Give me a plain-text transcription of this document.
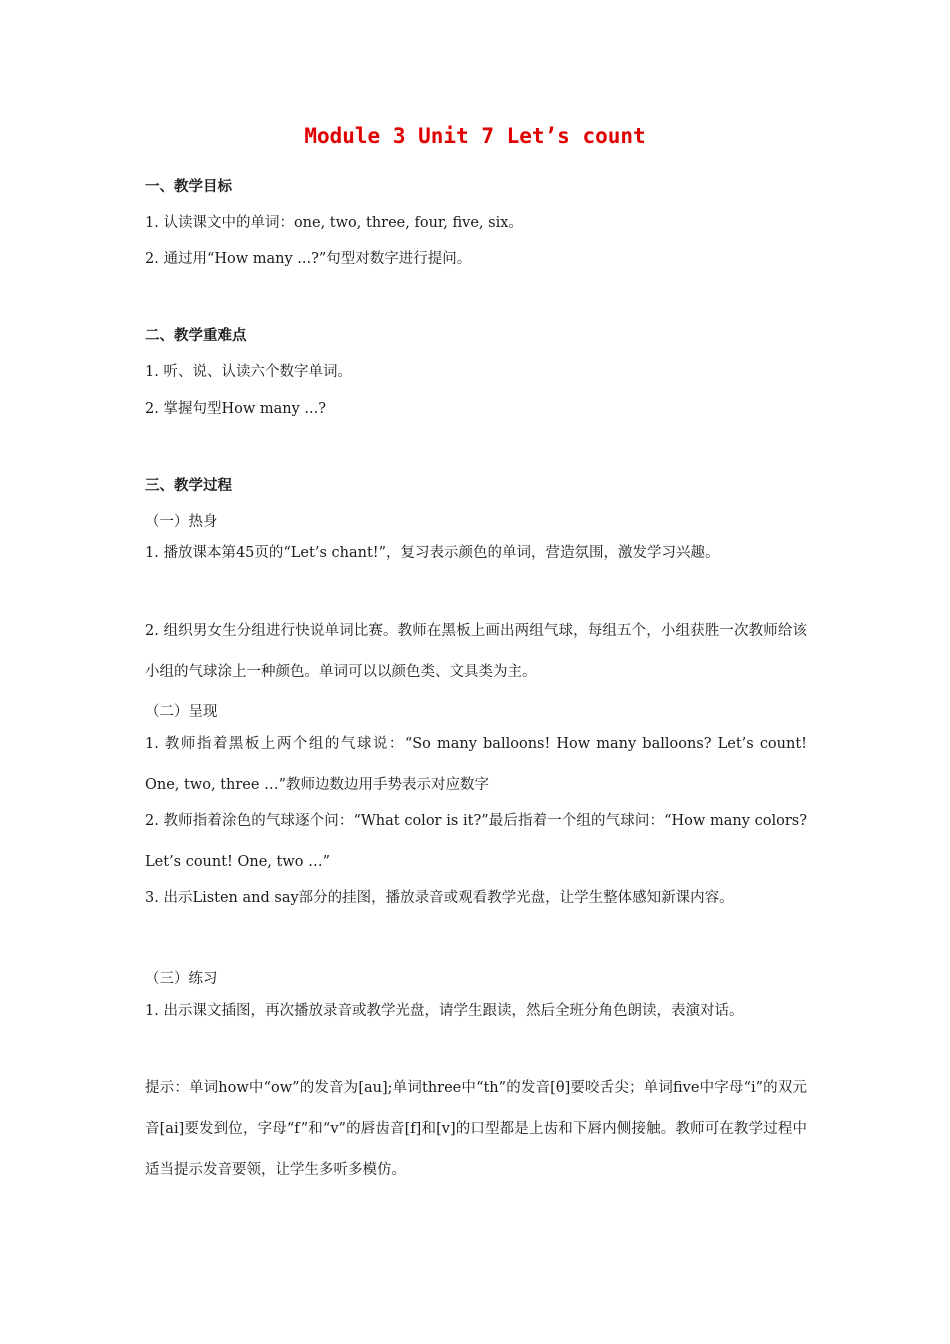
Module 3 Unit 7 Let’s count
一、教学目标
1. 认读课文中的单词：one, two, three, four, five, six。
2. 通过用“How many ...?”句型对数字进行提问。
二、教学重难点
1. 听、说、认读六个数字单词。
2. 掌握句型How many ...?
三、教学过程
（一）热身
1. 播放课本第45页的“Let’s chant!”，复习表示颜色的单词，营造氛围，激发学习兴趣。
2. 组织男女生分组进行快说单词比赛。教师在黑板上画出两组气球，每组五个，小组获胜一次教师给该小组的气球涂上一种颜色。单词可以以颜色类、文具类为主。
（二）呈现
1. 教师指着黑板上两个组的气球说：“So many balloons! How many balloons? Let’s count! One, two, three …”教师边数边用手势表示对应数字
2. 教师指着涂色的气球逐个问：“What color is it?”最后指着一个组的气球问：“How many colors? Let’s count! One, two …”
3. 出示Listen and say部分的挂图，播放录音或观看教学光盘，让学生整体感知新课内容。
（三）练习
1. 出示课文插图，再次播放录音或教学光盘，请学生跟读，然后全班分角色朗读，表演对话。
提示：单词how中“ow”的发音为[au];单词three中“th”的发音[θ]要咬舌尖；单词five中字母“i”的双元音[ai]要发到位，字母“f”和“v”的唇齿音[f]和[v]的口型都是上齿和下唇内侧接触。教师可在教学过程中适当提示发音要领，让学生多听多模仿。
